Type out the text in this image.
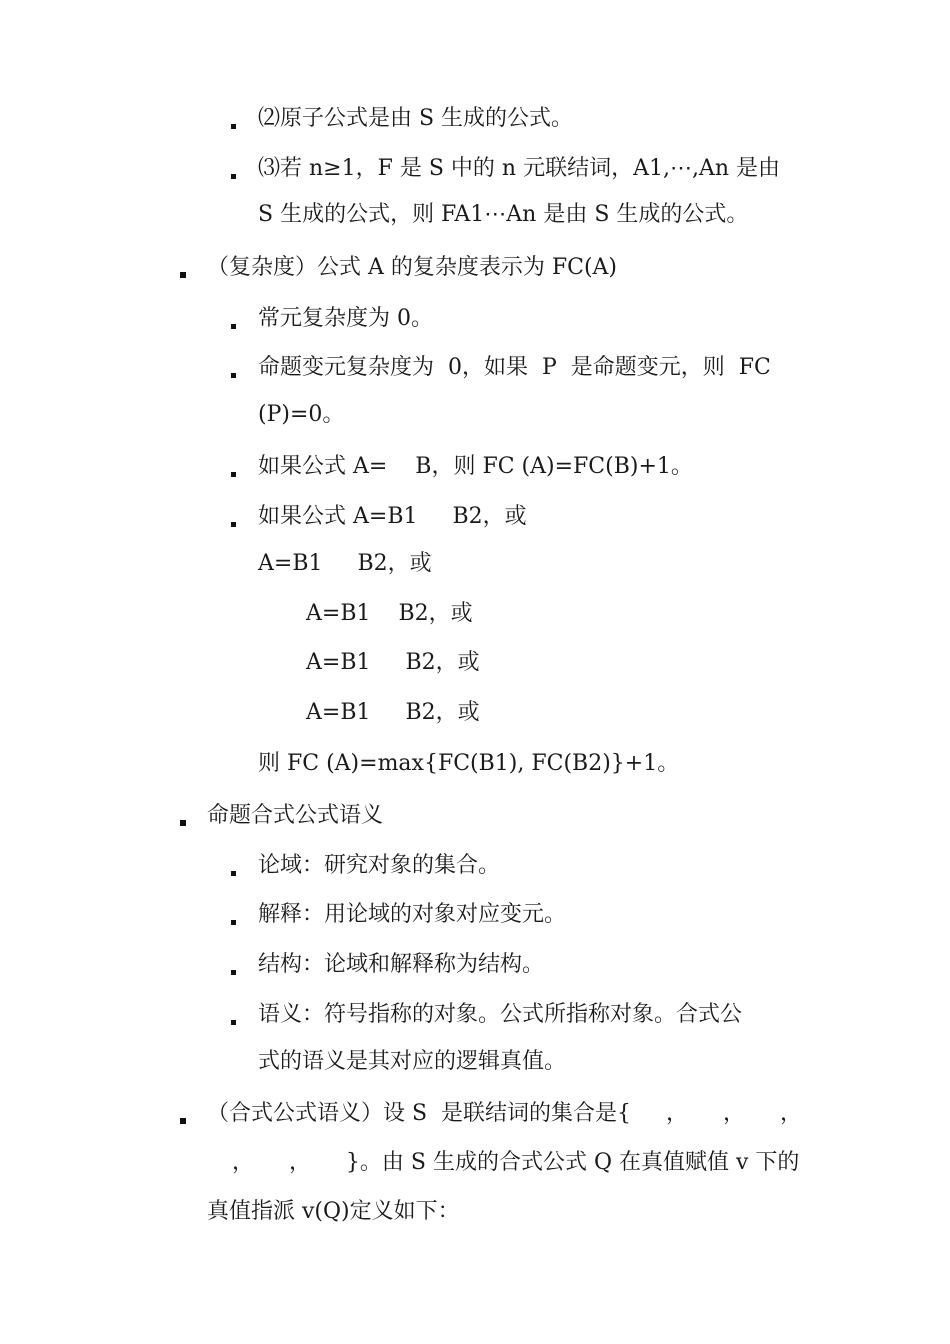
⑵原子公式是由 S 生成的公式。
⑶若 n≥1，F 是 S 中的 n 元联结词，A1,⋯,An 是由
S 生成的公式，则 FA1⋯An 是由 S 生成的公式。
（复杂度）公式 A 的复杂度表示为 FC(A)
常元复杂度为 0。
命题变元复杂度为  0，如果  P  是命题变元，则  FC
(P)=0。
如果公式 A=    B，则 FC (A)=FC(B)+1。
如果公式 A=B1     B2，或
A=B1     B2，或
A=B1    B2，或
A=B1     B2，或
A=B1     B2，或
则 FC (A)=max{FC(B1), FC(B2)}+1。
命题合式公式语义
论域：研究对象的集合。
解释：用论域的对象对应变元。
结构：论域和解释称为结构。
语义：符号指称的对象。公式所指称对象。合式公
式的语义是其对应的逻辑真值。
（合式公式语义）设 S  是联结词的集合是{     ，     ，     ，
，     ，     }。由 S 生成的合式公式 Q 在真值赋值 v 下的
真值指派 v(Q)定义如下：
